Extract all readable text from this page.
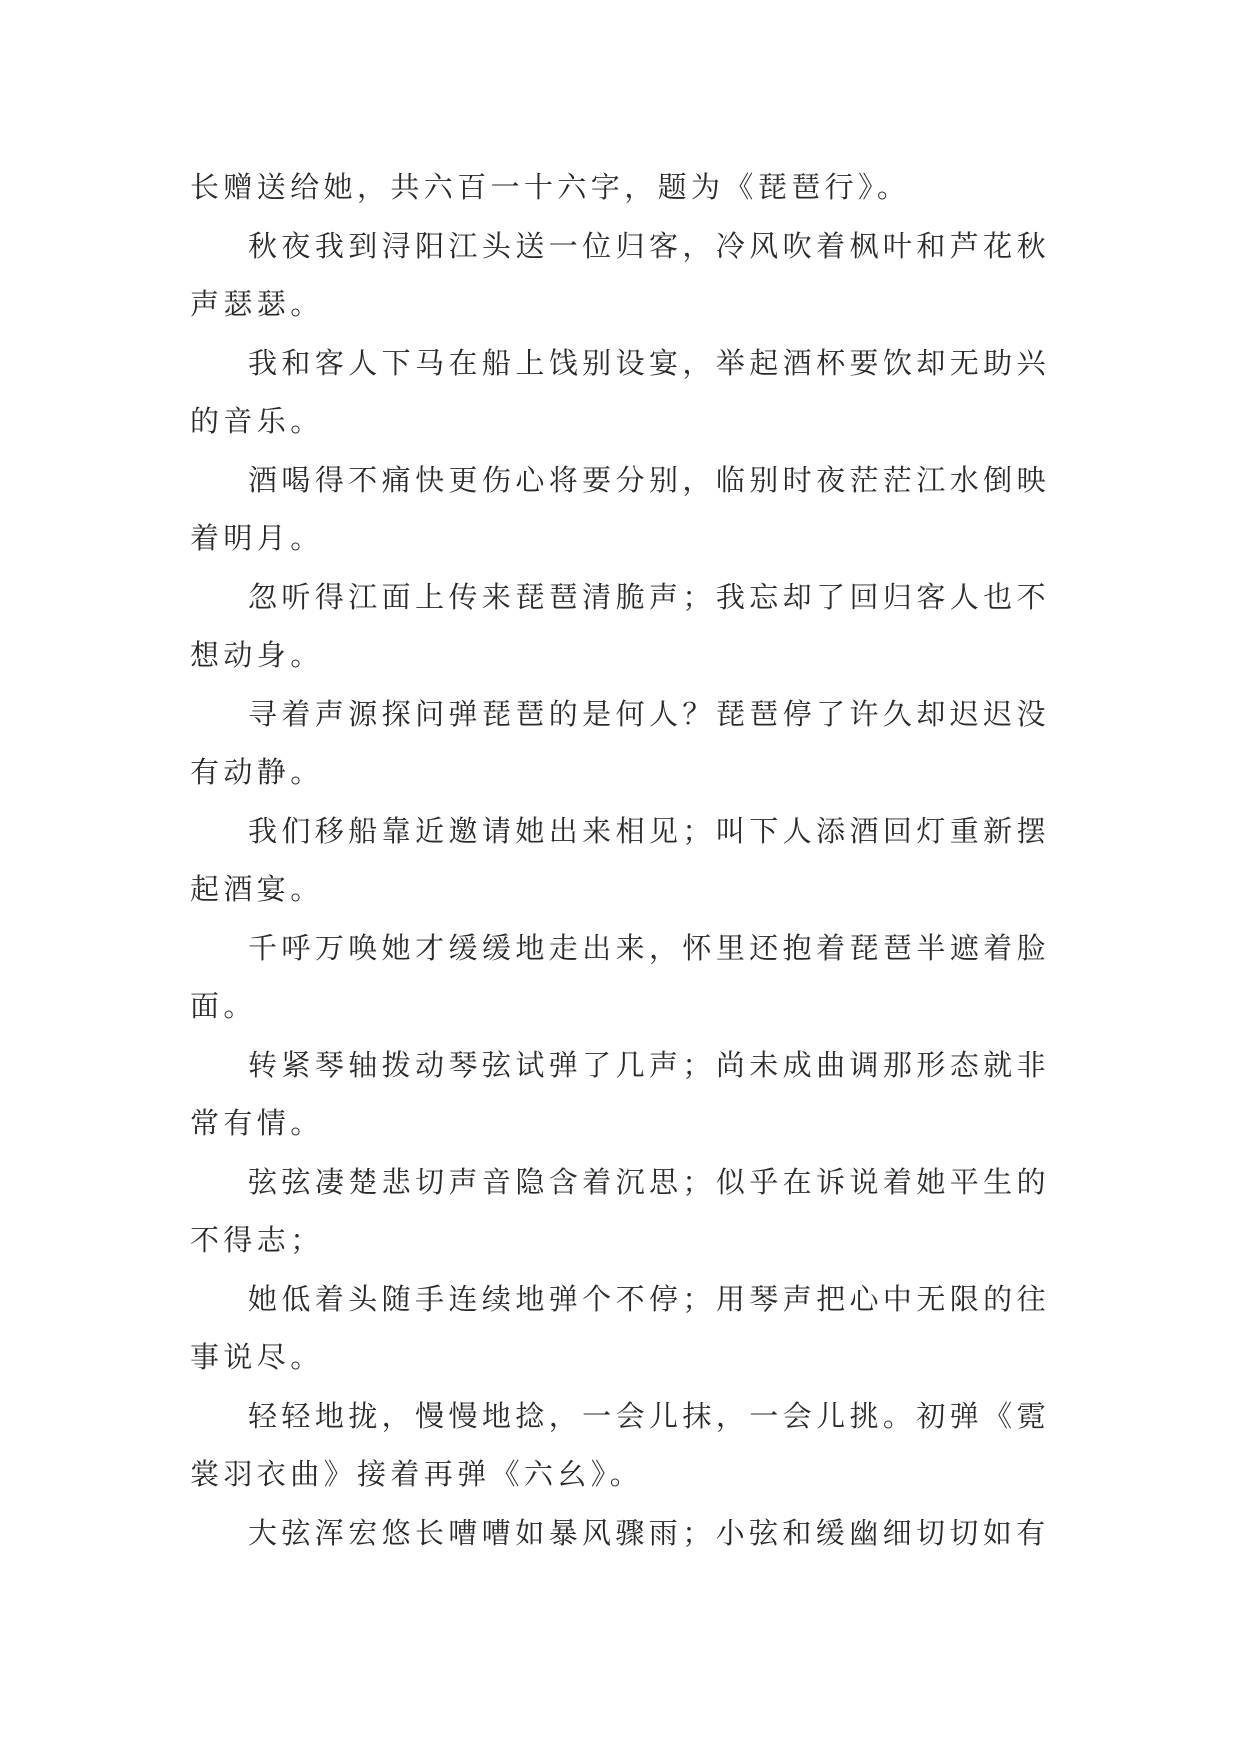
长赠送给她，共六百一十六字，题为《琵琶行》。

秋夜我到浔阳江头送一位归客，冷风吹着枫叶和芦花秋声瑟瑟。

我和客人下马在船上饯别设宴，举起酒杯要饮却无助兴的音乐。

酒喝得不痛快更伤心将要分别，临别时夜茫茫江水倒映着明月。

忽听得江面上传来琵琶清脆声；我忘却了回归客人也不想动身。

寻着声源探问弹琵琶的是何人？琵琶停了许久却迟迟没有动静。

我们移船靠近邀请她出来相见；叫下人添酒回灯重新摆起酒宴。

千呼万唤她才缓缓地走出来，怀里还抱着琵琶半遮着脸面。

转紧琴轴拨动琴弦试弹了几声；尚未成曲调那形态就非常有情。

弦弦凄楚悲切声音隐含着沉思；似乎在诉说着她平生的不得志；

她低着头随手连续地弹个不停；用琴声把心中无限的往事说尽。

轻轻地拢，慢慢地捻，一会儿抹，一会儿挑。初弹《霓裳羽衣曲》接着再弹《六幺》。

大弦浑宏悠长嘈嘈如暴风骤雨；小弦和缓幽细切切如有
